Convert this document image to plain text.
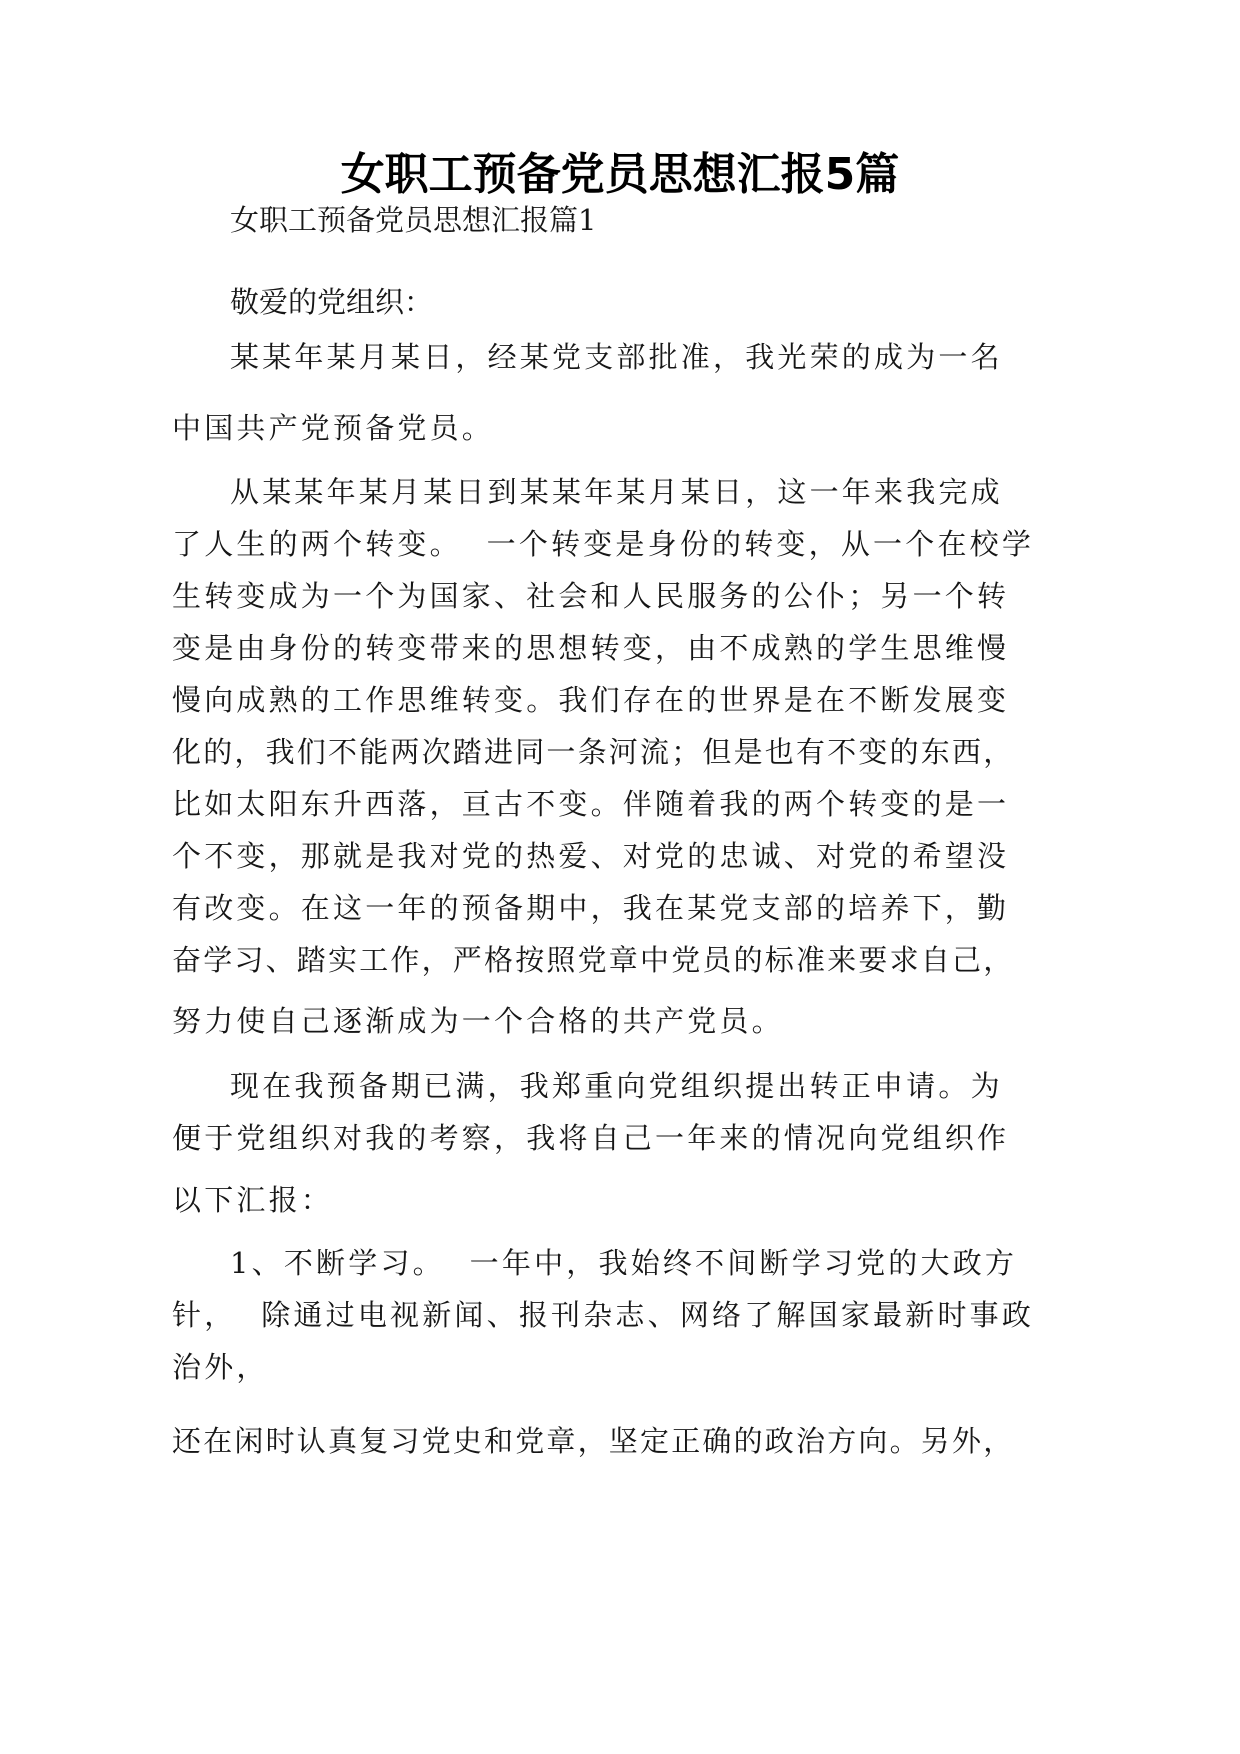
女职工预备党员思想汇报5篇

女职工预备党员思想汇报篇1

敬爱的党组织：

某某年某月某日，经某党支部批准，我光荣的成为一名

中国共产党预备党员。

从某某年某月某日到某某年某月某日，这一年来我完成

了人生的两个转变。  一个转变是身份的转变，从一个在校学

生转变成为一个为国家、社会和人民服务的公仆；另一个转

变是由身份的转变带来的思想转变，由不成熟的学生思维慢

慢向成熟的工作思维转变。我们存在的世界是在不断发展变

化的，我们不能两次踏进同一条河流；但是也有不变的东西，

比如太阳东升西落，亘古不变。伴随着我的两个转变的是一

个不变，那就是我对党的热爱、对党的忠诚、对党的希望没

有改变。在这一年的预备期中，我在某党支部的培养下，勤

奋学习、踏实工作，严格按照党章中党员的标准来要求自己，

努力使自己逐渐成为一个合格的共产党员。

现在我预备期已满，我郑重向党组织提出转正申请。为

便于党组织对我的考察，我将自己一年来的情况向党组织作

以下汇报：

1、不断学习。  一年中，我始终不间断学习党的大政方

针，  除通过电视新闻、报刊杂志、网络了解国家最新时事政

治外，

还在闲时认真复习党史和党章，坚定正确的政治方向。另外，
